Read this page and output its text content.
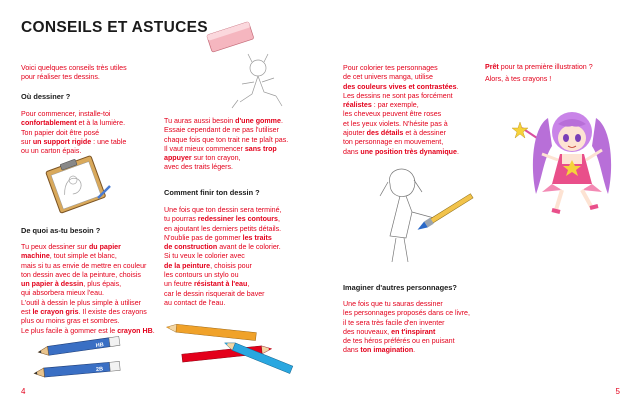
CONSEILS ET ASTUCES
Voici quelques conseils très utiles
pour réaliser tes dessins.
Où dessiner ?
Pour commencer, installe-toi
confortablement et à la lumière.
Ton papier doit être posé
sur un support rigide : une table
ou un carton épais.
De quoi as-tu besoin ?
Tu peux dessiner sur du papier
machine, tout simple et blanc,
mais si tu as envie de mettre en couleur
ton dessin avec de la peinture, choisis
un papier à dessin, plus épais,
qui absorbera mieux l'eau.
L'outil à dessin le plus simple à utiliser
est le crayon gris. Il existe des crayons
plus ou moins gras et sombres.
Le plus facile à gommer est le crayon HB.
HB
2B
Tu auras aussi besoin d'une gomme.
Essaie cependant de ne pas l'utiliser
chaque fois que ton trait ne te plaît pas.
Il vaut mieux commencer sans trop
appuyer sur ton crayon,
avec des traits légers.
Comment finir ton dessin ?
Une fois que ton dessin sera terminé,
tu pourras redessiner les contours,
en ajoutant les derniers petits détails.
N'oublie pas de gommer les traits
de construction avant de le colorier.
Si tu veux le colorier avec
de la peinture, choisis pour
les contours un stylo ou
un feutre résistant à l'eau,
car le dessin risquerait de baver
au contact de l'eau.
4
Pour colorier tes personnages
de cet univers manga, utilise
des couleurs vives et contrastées.
Les dessins ne sont pas forcément
réalistes : par exemple,
les cheveux peuvent être roses
et les yeux violets. N'hésite pas à
ajouter des détails et à dessiner
ton personnage en mouvement,
dans une position très dynamique.
Prêt pour ta première illustration ?
Alors, à tes crayons !
Imaginer d'autres personnages?
Une fois que tu sauras dessiner
les personnages proposés dans ce livre,
il te sera très facile d'en inventer
des nouveaux, en t'inspirant
de tes héros préférés ou en puisant
dans ton imagination.
5
